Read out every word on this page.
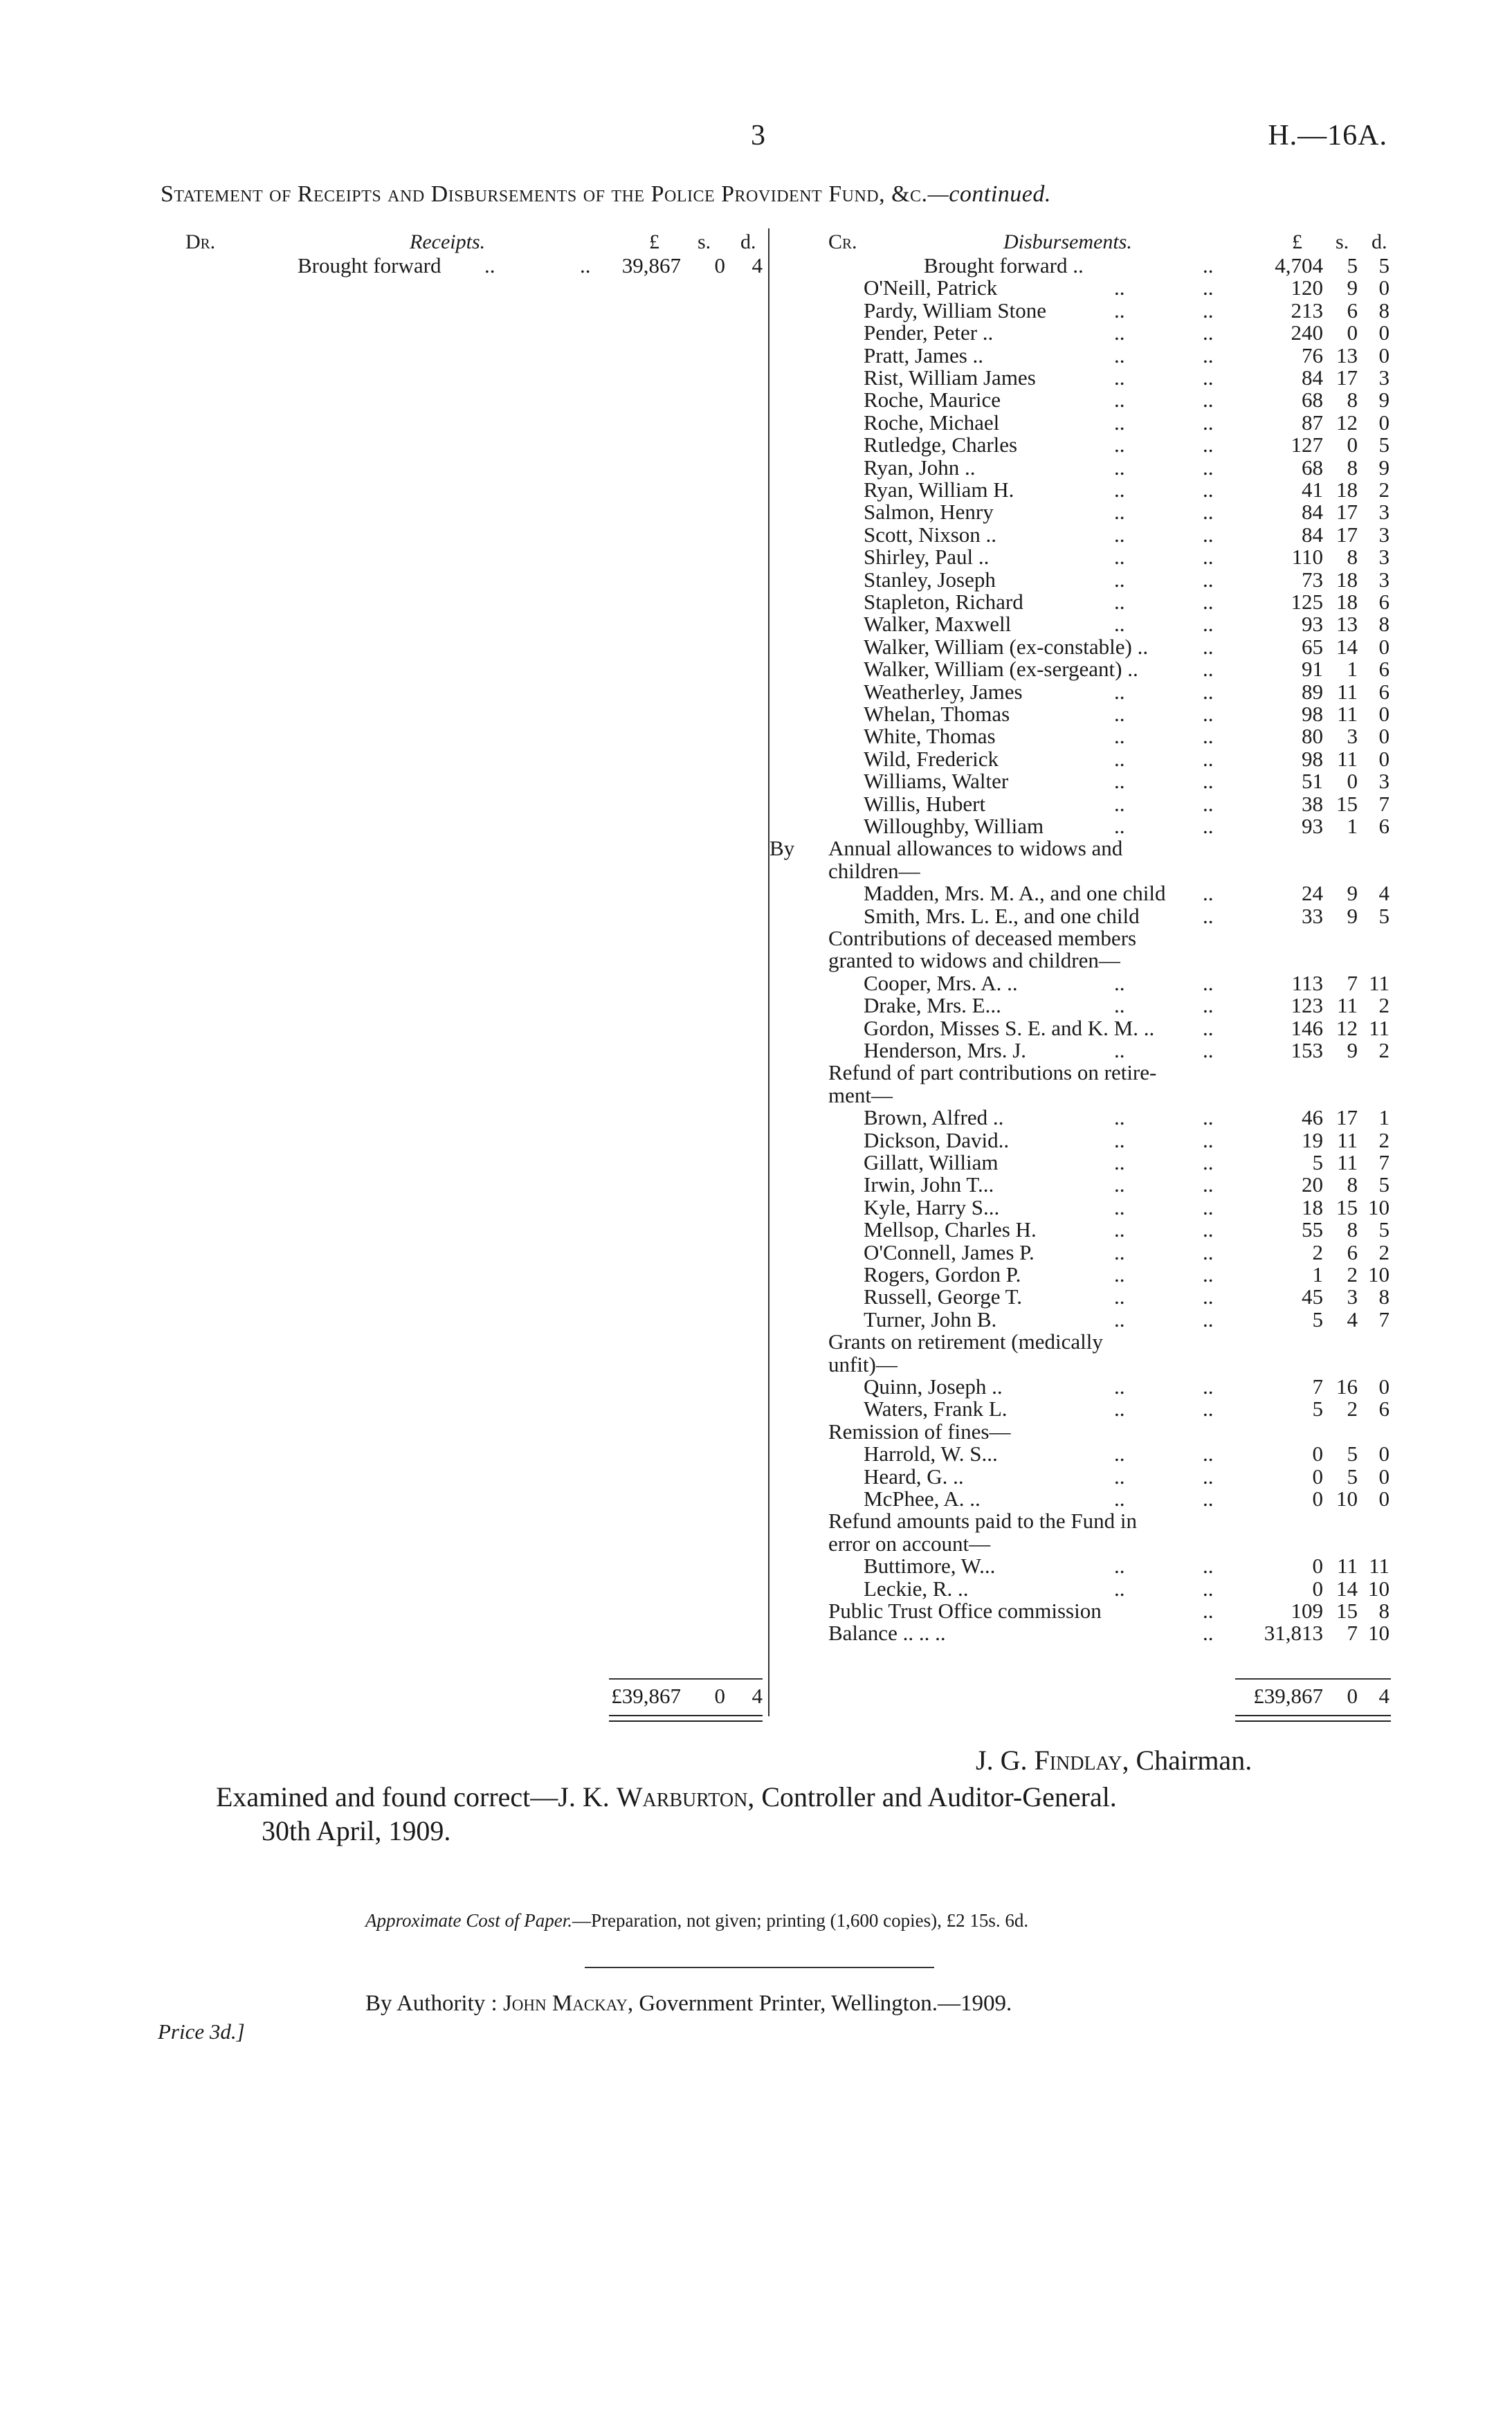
3	H.—16A.
Statement of Receipts and Disbursements of the Police Provident Fund, &c.—continued.
Dr.	Receipts.	£ s. d.
Brought forward ..	..	39,867	0	4
£39,867	0	4
Cr.	Disbursements.	£ s. d.
Brought forward ..	..	4,704	5 5
O'Neill, Patrick	..	..	120	9 0
Pardy, William Stone	..	..	213	6 8
Pender, Peter ..	..	..	240	0 0
Pratt, James ..	..	..	76 13 0
Rist, William James	..	..	84 17 3
Roche, Maurice	..	..	68	8 9
Roche, Michael	..	..	87 12 0
Rutledge, Charles	..	..	127	0 5
Ryan, John ..	..	..	68	8 9
Ryan, William H.	..	..	41 18 2
Salmon, Henry	..	..	84 17 3
Scott, Nixson ..	..	..	84 17 3
Shirley, Paul ..	..	..	110	8 3
Stanley, Joseph	..	..	73 18 3
Stapleton, Richard	..	..	125 18 6
Walker, Maxwell	..	..	93 13 8
Walker, William (ex-constable) ..	..	65 14 0
Walker, William (ex-sergeant) ..	..	91	1 6
Weatherley, James	..	..	89 11 6
Whelan, Thomas	..	..	98 11 0
White, Thomas	..	..	80	3 0
Wild, Frederick	..	..	98 11 0
Williams, Walter	..	..	51	0 3
Willis, Hubert	..	..	38 15 7
Willoughby, William	..	..	93	1 6
Annual allowances to widows and
By
children—
Madden, Mrs. M. A., and one child ..	24	9 4
Smith, Mrs. L. E., and one child	..	33	9 5
Contributions of deceased members
granted to widows and children—
Cooper, Mrs. A. ..	..	..	113	7 11
Drake, Mrs. E...	..	..	123 11 2
Gordon, Misses S. E. and K. M. .. ..	146 12 11
Henderson, Mrs. J.	..	..	153	9 2
Refund of part contributions on retire-
ment—
Brown, Alfred ..	..	..	46 17 1
Dickson, David..	..	..	19 11 2
Gillatt, William	..	..	5 11 7
Irwin, John T...	..	..	20	8 5
Kyle, Harry S...	..	..	18 15 10
Mellsop, Charles H.	..	..	55	8 5
O'Connell, James P.	..	..	2	6 2
Rogers, Gordon P.	..	..	1	2 10
Russell, George T.	..	..	45	3 8
Turner, John B.	..	..	5	4 7
Grants on retirement (medically
unfit)—
Quinn, Joseph ..	..	..	7 16 0
Waters, Frank L.	..	..	5	2 6
Remission of fines—
Harrold, W. S...	..	..	0	5 0
Heard, G. ..	..	..	0	5 0
McPhee, A. ..	..	..	0 10 0
Refund amounts paid to the Fund in
error on account—
Buttimore, W...	..	..	0 11 11
Leckie, R. ..	..	..	0 14 10
Public Trust Office commission	..	109 15 8
Balance .. .. ..	..	31,813	7 10
£39,867	0 4
J. G. Findlay, Chairman.
Examined and found correct—J. K. Warburton, Controller and Auditor-General.
30th April, 1909.
Approximate Cost of Paper.—Preparation, not given; printing (1,600 copies), £2 15s. 6d.
By Authority : John Mackay, Government Printer, Wellington.—1909.
Price 3d.]
